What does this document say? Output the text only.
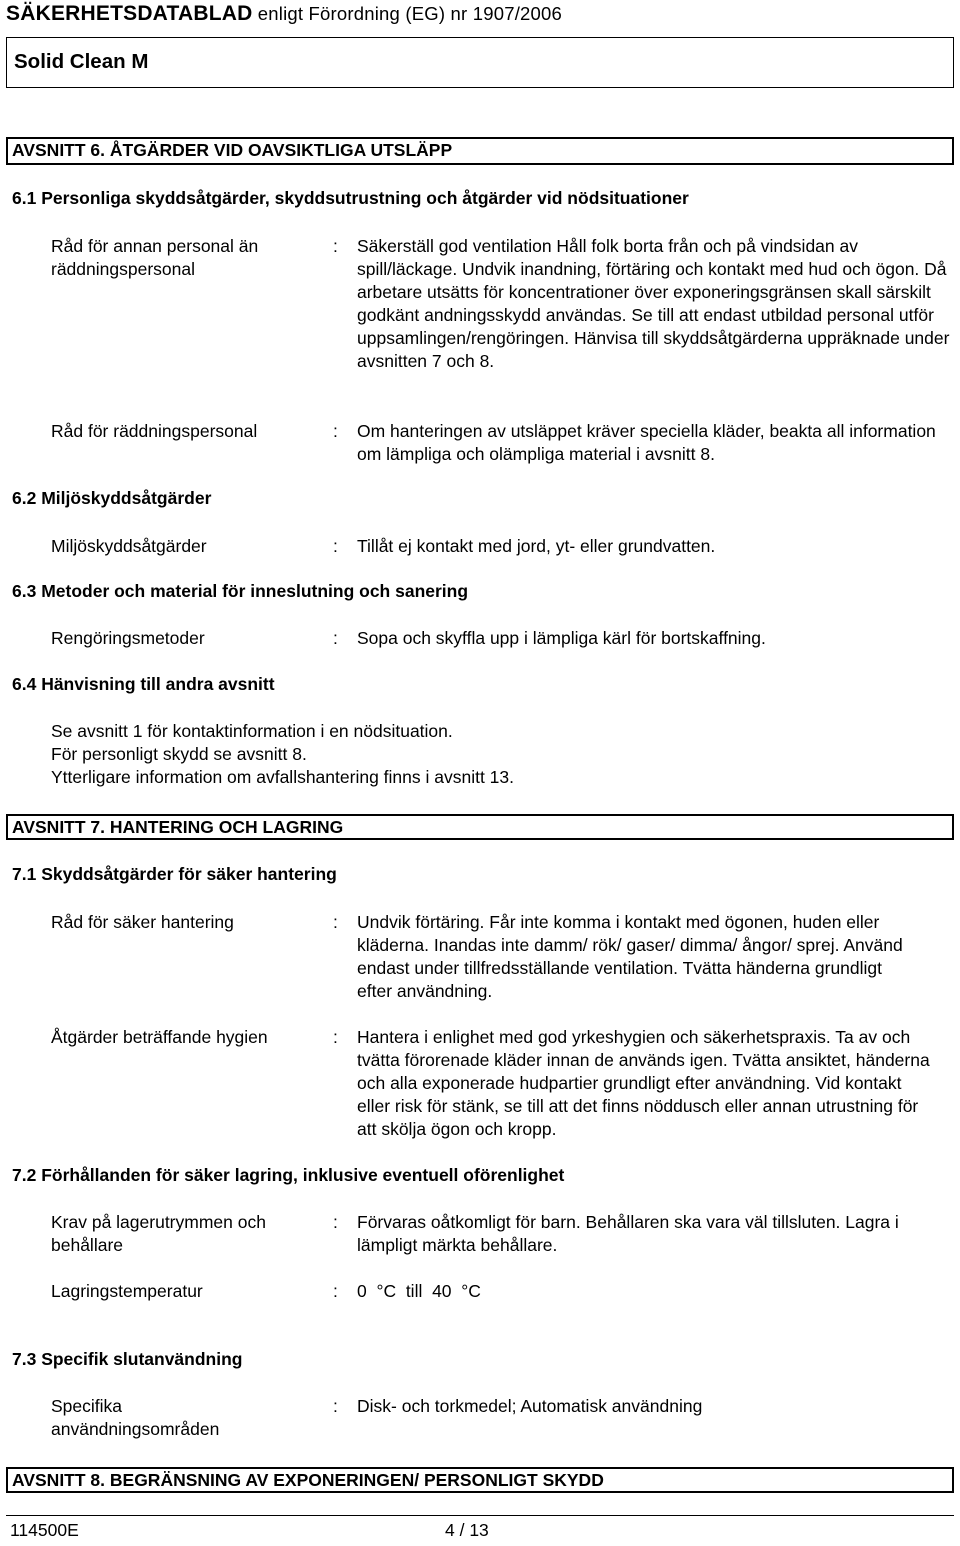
SÄKERHETSDATABLAD enligt Förordning (EG) nr 1907/2006
Solid Clean M
AVSNITT 6. ÅTGÄRDER VID OAVSIKTLIGA UTSLÄPP
6.1 Personliga skyddsåtgärder, skyddsutrustning och åtgärder vid nödsituationer
Råd för annan personal än räddningspersonal
: Säkerställ god ventilation Håll folk borta från och på vindsidan av spill/läckage. Undvik inandning, förtäring och kontakt med hud och ögon. Då arbetare utsätts för koncentrationer över exponeringsgränsen skall särskilt godkänt andningsskydd användas. Se till att endast utbildad personal utför uppsamlingen/rengöringen. Hänvisa till skyddsåtgärderna uppräknade under avsnitten 7 och 8.
Råd för räddningspersonal	: Om hanteringen av utsläppet kräver speciella kläder, beakta all information om lämpliga och olämpliga material i avsnitt 8.
6.2 Miljöskyddsåtgärder
Miljöskyddsåtgärder	: Tillåt ej kontakt med jord, yt- eller grundvatten.
6.3 Metoder och material för inneslutning och sanering
Rengöringsmetoder	: Sopa och skyffla upp i lämpliga kärl för bortskaffning.
6.4 Hänvisning till andra avsnitt
Se avsnitt 1 för kontaktinformation i en nödsituation.
För personligt skydd se avsnitt 8.
Ytterligare information om avfallshantering finns i avsnitt 13.
AVSNITT 7. HANTERING OCH LAGRING
7.1 Skyddsåtgärder för säker hantering
Råd för säker hantering	: Undvik förtäring. Får inte komma i kontakt med ögonen, huden eller kläderna. Inandas inte damm/ rök/ gaser/ dimma/ ångor/ sprej. Använd endast under tillfredsställande ventilation. Tvätta händerna grundligt efter användning.
Åtgärder beträffande hygien	: Hantera i enlighet med god yrkeshygien och säkerhetspraxis. Ta av och tvätta förorenade kläder innan de används igen. Tvätta ansiktet, händerna och alla exponerade hudpartier grundligt efter användning. Vid kontakt eller risk för stänk, se till att det finns nöddusch eller annan utrustning för att skölja ögon och kropp.
7.2 Förhållanden för säker lagring, inklusive eventuell oförenlighet
Krav på lagerutrymmen och behållare
: Förvaras oåtkomligt för barn. Behållaren ska vara väl tillsluten. Lagra i lämpligt märkta behållare.
Lagringstemperatur	: 0  °C  till  40  °C
7.3 Specifik slutanvändning
Specifika användningsområden
: Disk- och torkmedel; Automatisk användning
AVSNITT 8. BEGRÄNSNING AV EXPONERINGEN/ PERSONLIGT SKYDD
114500E	4 / 13
